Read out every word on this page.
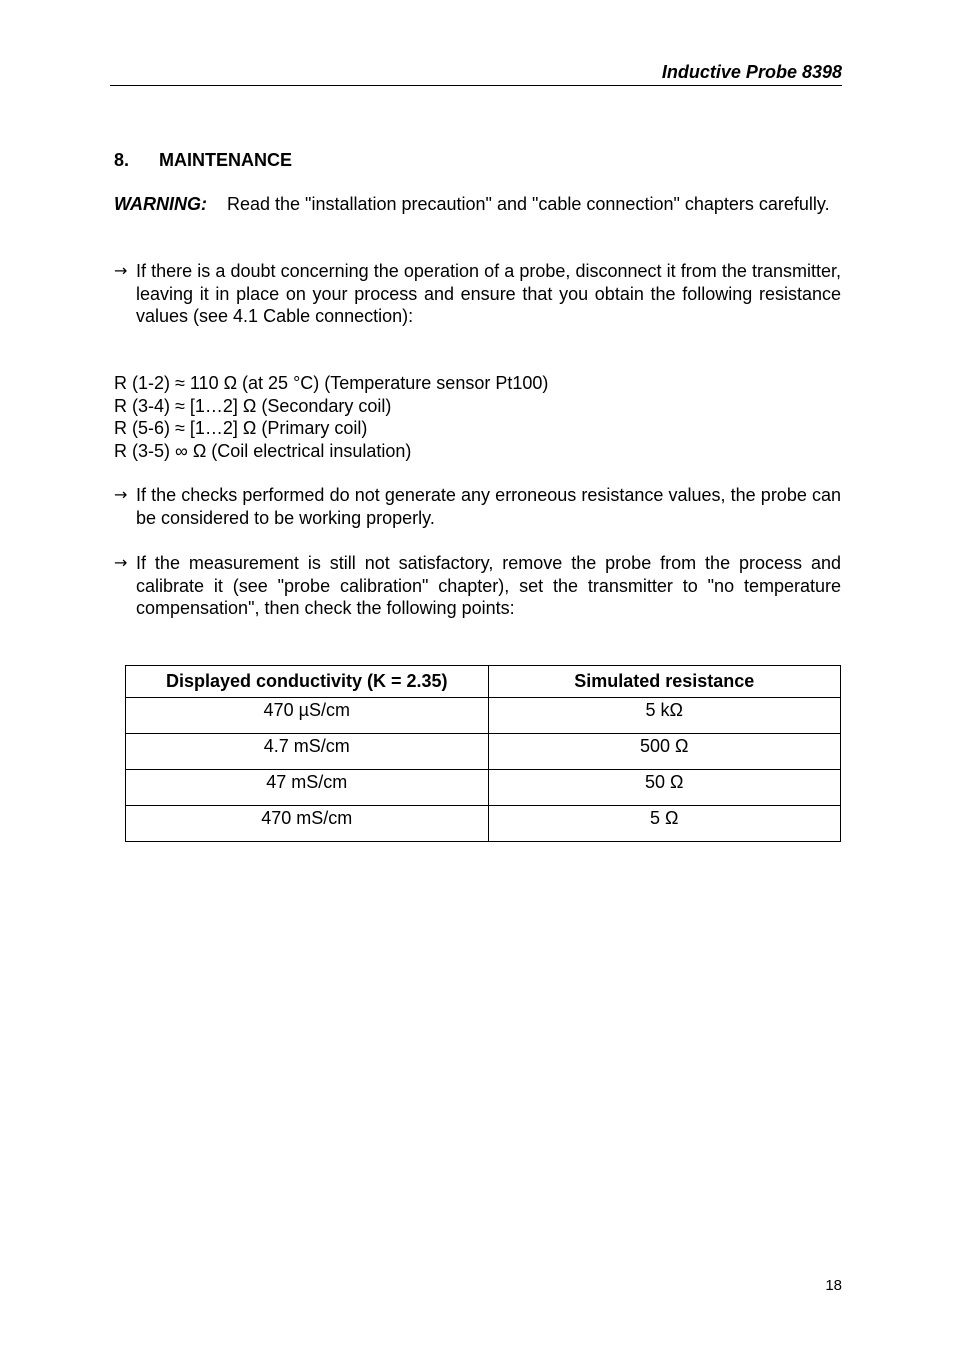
Inductive Probe 8398
8. MAINTENANCE
WARNING: Read the "installation precaution" and "cable connection" chapters carefully.
→ If there is a doubt concerning the operation of a probe, disconnect it from the transmitter, leaving it in place on your process and ensure that you obtain the following resistance values (see 4.1 Cable connection):
R (1-2) ≈ 110 Ω (at 25 °C) (Temperature sensor Pt100)
R (3-4) ≈ [1…2] Ω (Secondary coil)
R (5-6) ≈ [1…2] Ω (Primary coil)
R (3-5) ∞ Ω (Coil electrical insulation)
→ If the checks performed do not generate any erroneous resistance values, the probe can be considered to be working properly.
→ If the measurement is still not satisfactory, remove the probe from the process and calibrate it (see "probe calibration" chapter), set the transmitter to "no temperature compensation", then check the following points:
Displayed conductivity (K = 2.35)	Simulated resistance
470 µS/cm	5 kΩ
4.7 mS/cm	500 Ω
47 mS/cm	50 Ω
470 mS/cm	5 Ω
18
